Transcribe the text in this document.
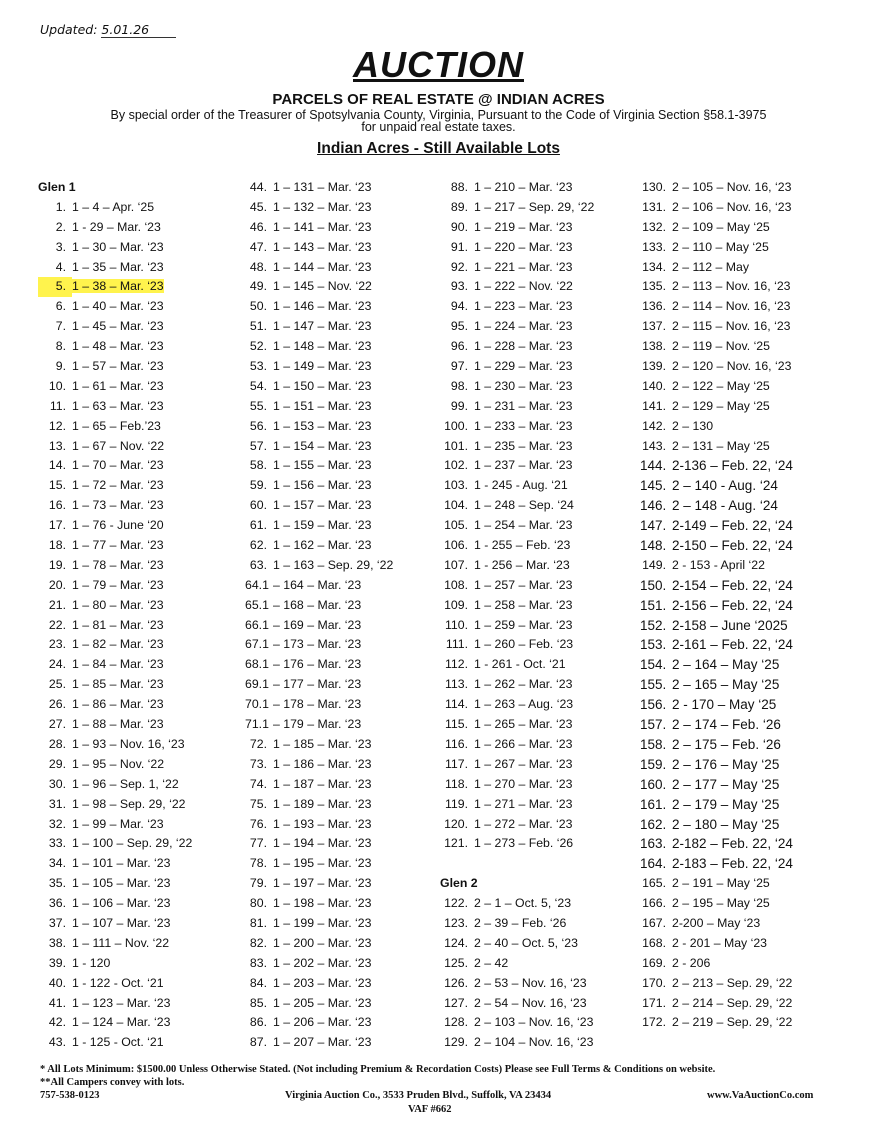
Updated: 5.01.26
AUCTION
PARCELS OF REAL ESTATE @ INDIAN ACRES
By special order of the Treasurer of Spotsylvania County, Virginia, Pursuant to the Code of Virginia Section §58.1-3975
for unpaid real estate taxes.
Indian Acres - Still Available Lots
Glen 1
1. 1 – 4 – Apr. ‘25
2. 1 - 29 – Mar. ‘23
3. 1 – 30 – Mar. ‘23
4. 1 – 35 – Mar. ‘23
5. 1 – 38 – Mar. ‘23
6. 1 – 40 – Mar. ‘23
7. 1 – 45 – Mar. ‘23
8. 1 – 48 – Mar. ‘23
9. 1 – 57 – Mar. ‘23
10. 1 – 61 – Mar. ‘23
11. 1 – 63 – Mar. ‘23
12. 1 – 65 – Feb.’23
13. 1 – 67 – Nov. ‘22
14. 1 – 70 – Mar. ‘23
15. 1 – 72 – Mar. ‘23
16. 1 – 73 – Mar. ‘23
17. 1 – 76 - June ‘20
18. 1 – 77 – Mar. ‘23
19. 1 – 78 – Mar. ‘23
20. 1 – 79 – Mar. ‘23
21. 1 – 80 – Mar. ‘23
22. 1 – 81 – Mar. ‘23
23. 1 – 82 – Mar. ‘23
24. 1 – 84 – Mar. ‘23
25. 1 – 85 – Mar. ‘23
26. 1 – 86 – Mar. ‘23
27. 1 – 88 – Mar. ‘23
28. 1 – 93 – Nov. 16, ‘23
29. 1 – 95 – Nov. ‘22
30. 1 – 96 – Sep. 1, ‘22
31. 1 – 98 – Sep. 29, ‘22
32. 1 – 99 – Mar. ‘23
33. 1 – 100 – Sep. 29, ‘22
34. 1 – 101 – Mar. ‘23
35. 1 – 105 – Mar. ‘23
36. 1 – 106 – Mar. ‘23
37. 1 – 107 – Mar. ‘23
38. 1 – 111 – Nov. ‘22
39. 1 - 120
40. 1 - 122 - Oct. ‘21
41. 1 – 123 – Mar. ‘23
42. 1 – 124 – Mar. ‘23
43. 1 - 125 - Oct. ‘21
44. 1 – 131 – Mar. ‘23
45. 1 – 132 – Mar. ‘23
46. 1 – 141 – Mar. ‘23
47. 1 – 143 – Mar. ‘23
48. 1 – 144 – Mar. ‘23
49. 1 – 145 – Nov. ‘22
50. 1 – 146 – Mar. ‘23
51. 1 – 147 – Mar. ‘23
52. 1 – 148 – Mar. ‘23
53. 1 – 149 – Mar. ‘23
54. 1 – 150 – Mar. ‘23
55. 1 – 151 – Mar. ‘23
56. 1 – 153 – Mar. ‘23
57. 1 – 154 – Mar. ‘23
58. 1 – 155 – Mar. ‘23
59. 1 – 156 – Mar. ‘23
60. 1 – 157 – Mar. ‘23
61. 1 – 159 – Mar. ‘23
62. 1 – 162 – Mar. ‘23
63. 1 – 163 – Sep. 29, ‘22
64.1 – 164 – Mar. ‘23
65.1 – 168 – Mar. ‘23
66.1 – 169 – Mar. ‘23
67.1 – 173 – Mar. ‘23
68.1 – 176 – Mar. ‘23
69.1 – 177 – Mar. ‘23
70.1 – 178 – Mar. ‘23
71.1 – 179 – Mar. ‘23
72. 1 – 185 – Mar. ‘23
73. 1 – 186 – Mar. ‘23
74. 1 – 187 – Mar. ‘23
75. 1 – 189 – Mar. ‘23
76. 1 – 193 – Mar. ‘23
77. 1 – 194 – Mar. ‘23
78. 1 – 195 – Mar. ‘23
79. 1 – 197 – Mar. ‘23
80. 1 – 198 – Mar. ‘23
81. 1 – 199 – Mar. ‘23
82. 1 – 200 – Mar. ‘23
83. 1 – 202 – Mar. ‘23
84. 1 – 203 – Mar. ‘23
85. 1 – 205 – Mar. ‘23
86. 1 – 206 – Mar. ‘23
87. 1 – 207 – Mar. ‘23
88. 1 – 210 – Mar. ‘23
89. 1 – 217 – Sep. 29, ‘22
90. 1 – 219 – Mar. ‘23
91. 1 – 220 – Mar. ‘23
92. 1 – 221 – Mar. ‘23
93. 1 – 222 – Nov. ‘22
94. 1 – 223 – Mar. ‘23
95. 1 – 224 – Mar. ‘23
96. 1 – 228 – Mar. ‘23
97. 1 – 229 – Mar. ‘23
98. 1 – 230 – Mar. ‘23
99. 1 – 231 – Mar. ‘23
100. 1 – 233 – Mar. ‘23
101. 1 – 235 – Mar. ‘23
102. 1 – 237 – Mar. ‘23
103. 1 - 245 - Aug. ‘21
104. 1 – 248 – Sep. ‘24
105. 1 – 254 – Mar. ‘23
106. 1 - 255 – Feb. ‘23
107. 1 - 256 – Mar. ‘23
108. 1 – 257 – Mar. ‘23
109. 1 – 258 – Mar. ‘23
110. 1 – 259 – Mar. ‘23
111. 1 – 260 – Feb. ‘23
112. 1 - 261 - Oct. ‘21
113. 1 – 262 – Mar. ‘23
114. 1 – 263 – Aug. ‘23
115. 1 – 265 – Mar. ‘23
116. 1 – 266 – Mar. ‘23
117. 1 – 267 – Mar. ‘23
118. 1 – 270 – Mar. ‘23
119. 1 – 271 – Mar. ‘23
120. 1 – 272 – Mar. ‘23
121. 1 – 273 – Feb. ‘26
Glen 2
122. 2 – 1 – Oct. 5, ‘23
123. 2 – 39 – Feb. ‘26
124. 2 – 40 – Oct. 5, ‘23
125. 2 – 42
126. 2 – 53 – Nov. 16, ‘23
127. 2 – 54 – Nov. 16, ‘23
128. 2 – 103 – Nov. 16, ‘23
129. 2 – 104 – Nov. 16, ‘23
130. 2 – 105 – Nov. 16, ‘23
131. 2 – 106 – Nov. 16, ‘23
132. 2 – 109 – May ‘25
133. 2 – 110 – May ‘25
134. 2 – 112 – May
135. 2 – 113 – Nov. 16, ‘23
136. 2 – 114 – Nov. 16, ‘23
137. 2 – 115 – Nov. 16, ‘23
138. 2 – 119 – Nov. ‘25
139. 2 – 120 – Nov. 16, ‘23
140. 2 – 122 – May ‘25
141. 2 – 129 – May ‘25
142. 2 – 130
143. 2 – 131 – May ‘25
144. 2-136 – Feb. 22, ‘24
145. 2 – 140 - Aug. ‘24
146. 2 – 148 - Aug. ‘24
147. 2-149 – Feb. 22, ‘24
148. 2-150 – Feb. 22, ‘24
149. 2 - 153 - April ‘22
150. 2-154 – Feb. 22, ‘24
151. 2-156 – Feb. 22, ‘24
152. 2-158 – June ‘2025
153. 2-161 – Feb. 22, ‘24
154. 2 – 164 – May ‘25
155. 2 – 165 – May ‘25
156. 2 - 170 – May ‘25
157. 2 – 174 – Feb. ‘26
158. 2 – 175 – Feb. ‘26
159. 2 – 176 – May ‘25
160. 2 – 177 – May ‘25
161. 2 – 179 – May ‘25
162. 2 – 180 – May ‘25
163. 2-182 – Feb. 22, ‘24
164. 2-183 – Feb. 22, ‘24
165. 2 – 191 – May ‘25
166. 2 – 195 – May ‘25
167. 2-200 – May ‘23
168. 2 - 201 – May ‘23
169. 2 - 206
170. 2 – 213 – Sep. 29, ‘22
171. 2 – 214 – Sep. 29, ‘22
172. 2 – 219 – Sep. 29, ‘22
* All Lots Minimum: $1500.00 Unless Otherwise Stated. (Not including Premium & Recordation Costs) Please see Full Terms & Conditions on website.
**All Campers convey with lots.
757-538-0123	Virginia Auction Co., 3533 Pruden Blvd., Suffolk, VA 23434	www.VaAuctionCo.com
VAF #662
